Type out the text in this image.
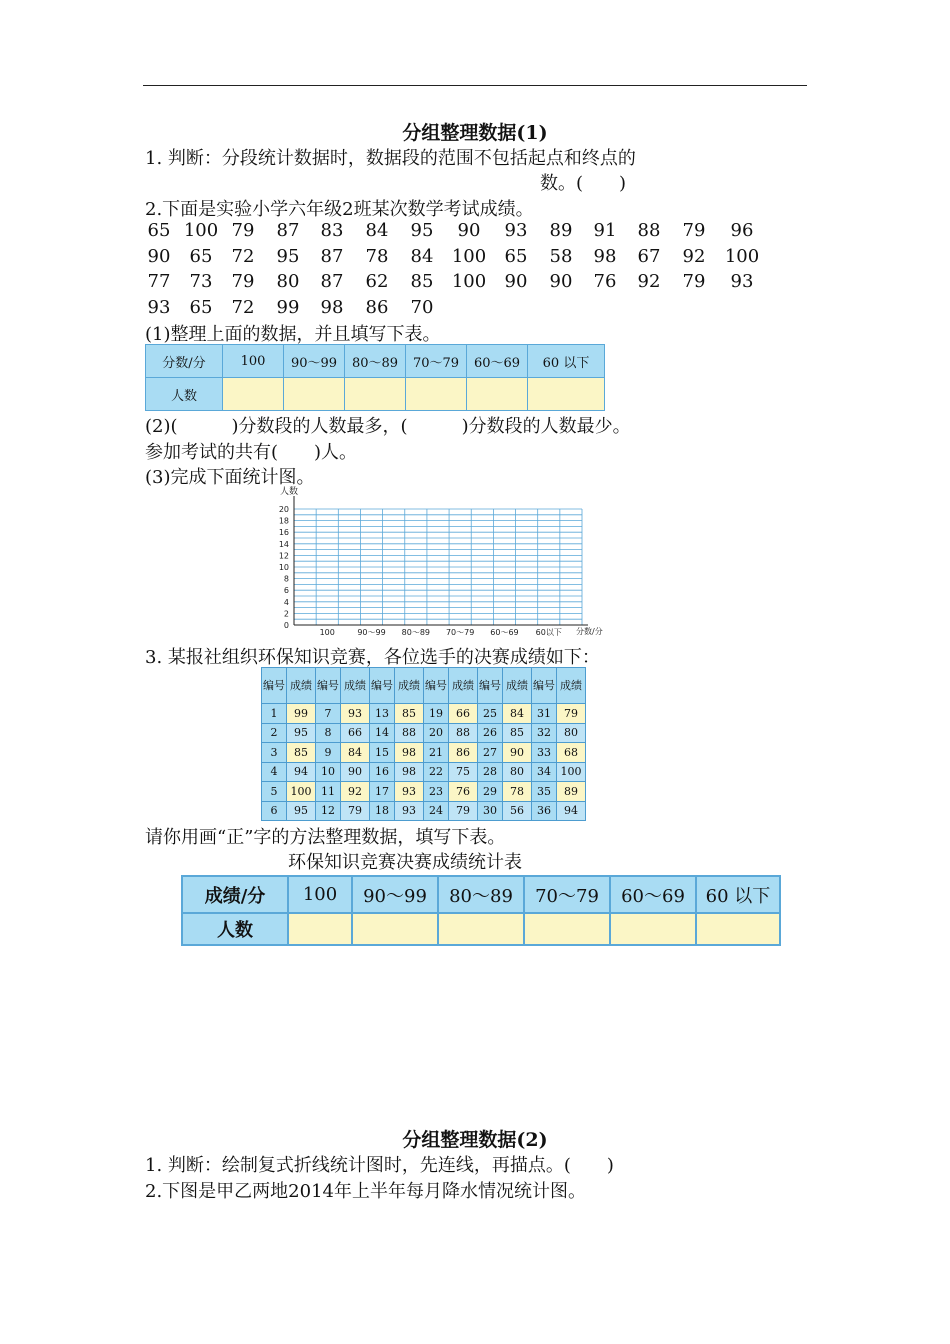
分组整理数据(1)
1. 判断：分段统计数据时，数据段的范围不包括起点和终点的
数。(　　)
2.下面是实验小学六年级2班某次数学考试成绩。
65 100 79	87	83	84	95	90	93	89	91	88	79	96
90	65	72	95	87	78	84	100	65	58	98	67	92	100
77	73	79	80	87	62	85	100	90	90	76	92	79	93
93	65	72	99	98	86	70
(1)整理上面的数据，并且填写下表。
分数/分	100	90～99	80～89	70～79	60～69	60 以下
人数						
(2)(　　　)分数段的人数最多，(　　　)分数段的人数最少。
参加考试的共有(　　)人。
(3)完成下面统计图。
0
2
4
6
8
10
12
14
16
18
20
100	90～99 80～89 70～79 60～69 60以下
人数
分数/分
3. 某报社组织环保知识竞赛，各位选手的决赛成绩如下：
编号	成绩	编号	成绩	编号	成绩	编号	成绩	编号	成绩	编号	成绩
1	99	7	93	13	85	19	66	25	84	31	79
2	95	8	66	14	88	20	88	26	85	32	80
3	85	9	84	15	98	21	86	27	90	33	68
4	94	10	90	16	98	22	75	28	80	34	100
5	100	11	92	17	93	23	76	29	78	35	89
6	95	12	79	18	93	24	79	30	56	36	94
请你用画“正”字的方法整理数据，填写下表。
环保知识竞赛决赛成绩统计表
成绩/分	100	90～99	80～89	70～79	60～69	60 以下
人数						
分组整理数据(2)
1. 判断：绘制复式折线统计图时，先连线，再描点。(　　)
2.下图是甲乙两地2014年上半年每月降水情况统计图。
